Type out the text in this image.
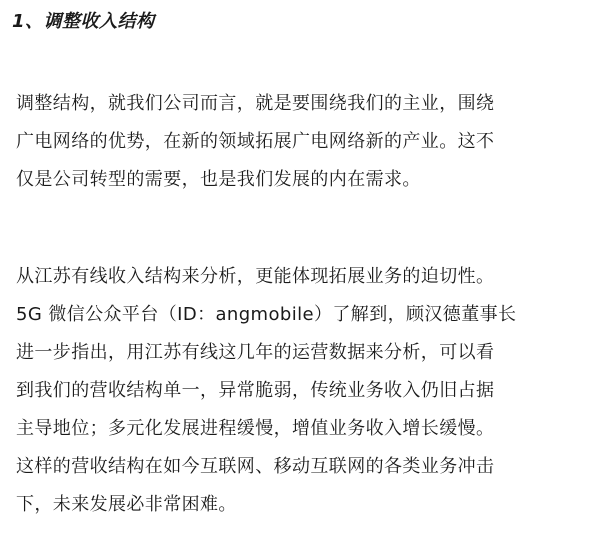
1、调整收入结构
调整结构，就我们公司而言，就是要围绕我们的主业，围绕
广电网络的优势，在新的领域拓展广电网络新的产业。这不
仅是公司转型的需要，也是我们发展的内在需求。
从江苏有线收入结构来分析，更能体现拓展业务的迫切性。
5G 微信公众平台（ID：angmobile）了解到，顾汉德董事长
进一步指出，用江苏有线这几年的运营数据来分析，可以看
到我们的营收结构单一，异常脆弱，传统业务收入仍旧占据
主导地位；多元化发展进程缓慢，增值业务收入增长缓慢。
这样的营收结构在如今互联网、移动互联网的各类业务冲击
下，未来发展必非常困难。
